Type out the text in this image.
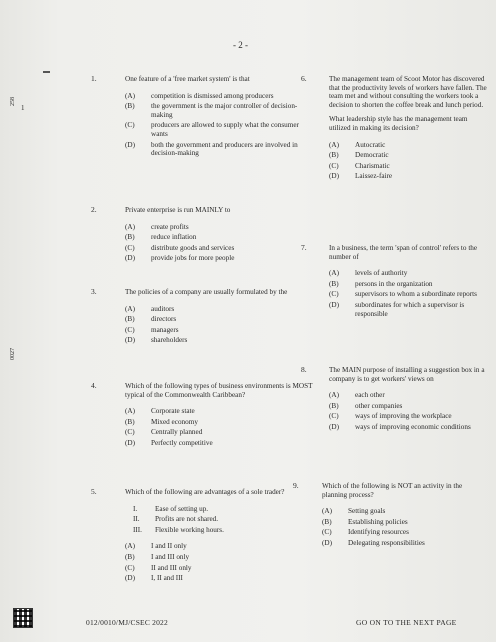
- 2 -
258
1
0027
1.	One feature of a 'free market system' is that

(A)	competition is dismissed among producers
(B)	the government is the major controller of decision-making
(C)	producers are allowed to supply what the consumer wants
(D)	both the government and producers are involved in decision-making
2.	Private enterprise is run MAINLY to

(A)	create profits
(B)	reduce inflation
(C)	distribute goods and services
(D)	provide jobs for more people
3.	The policies of a company are usually formulated by the

(A)	auditors
(B)	directors
(C)	managers
(D)	shareholders
4.	Which of the following types of business environments is MOST typical of the Commonwealth Caribbean?

(A)	Corporate state
(B)	Mixed economy
(C)	Centrally planned
(D)	Perfectly competitive
5.	Which of the following are advantages of a sole trader?

I.	Ease of setting up.
II.	Profits are not shared.
III.	Flexible working hours.
(A)	I and II only
(B)	I and III only
(C)	II and III only
(D)	I, II and III
6.	The management team of Scoot Motor has discovered that the productivity levels of workers have fallen. The team met and without consulting the workers took a decision to shorten the coffee break and lunch period.

What leadership style has the management team utilized in making its decision?

(A)	Autocratic
(B)	Democratic
(C)	Charismatic
(D)	Laissez-faire
7.	In a business, the term 'span of control' refers to the number of

(A)	levels of authority
(B)	persons in the organization
(C)	supervisors to whom a subordinate reports
(D)	subordinates for which a supervisor is responsible
8.	The MAIN purpose of installing a suggestion box in a company is to get workers' views on

(A)	each other
(B)	other companies
(C)	ways of improving the workplace
(D)	ways of improving economic conditions
9.	Which of the following is NOT an activity in the planning process?

(A)	Setting goals
(B)	Establishing policies
(C)	Identifying resources
(D)	Delegating responsibilities
012/0010/MJ/CSEC 2022	GO ON TO THE NEXT PAGE
